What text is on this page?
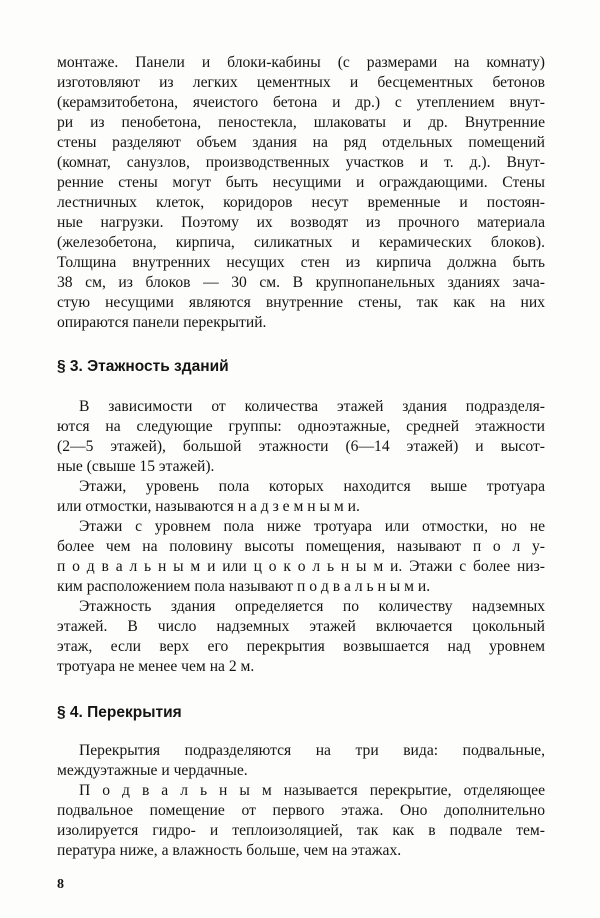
монтаже. Панели и блоки-кабины (с размерами на комнату)
изготовляют из легких цементных и бесцементных бетонов
(керамзитобетона, ячеистого бетона и др.) с утеплением внут-
ри из пенобетона, пеностекла, шлаковаты и др. Внутренние
стены разделяют объем здания на ряд отдельных помещений
(комнат, санузлов, производственных участков и т. д.). Внут-
ренние стены могут быть несущими и ограждающими. Стены
лестничных клеток, коридоров несут временные и постоян-
ные нагрузки. Поэтому их возводят из прочного материала
(железобетона, кирпича, силикатных и керамических блоков).
Толщина внутренних несущих стен из кирпича должна быть
38 см, из блоков — 30 см. В крупнопанельных зданиях зача-
стую несущими являются внутренние стены, так как на них
опираются панели перекрытий.
§ 3. Этажность зданий
В зависимости от количества этажей здания подразделя-
ются на следующие группы: одноэтажные, средней этажности
(2—5 этажей), большой этажности (6—14 этажей) и высот-
ные (свыше 15 этажей).
Этажи, уровень пола которых находится выше тротуара
или отмостки, называются н а д з е м н ы м и.
Этажи с уровнем пола ниже тротуара или отмостки, но не
более чем на половину высоты помещения, называют п о л у-
п о д в а л ь н ы м и или ц о к о л ь н ы м и. Этажи с более низ-
ким расположением пола называют п о д в а л ь н ы м и.
Этажность здания определяется по количеству надземных
этажей. В число надземных этажей включается цокольный
этаж, если верх его перекрытия возвышается над уровнем
тротуара не менее чем на 2 м.
§ 4. Перекрытия
Перекрытия подразделяются на три вида: подвальные,
междуэтажные и чердачные.
П о д в а л ь н ы м называется перекрытие, отделяющее
подвальное помещение от первого этажа. Оно дополнительно
изолируется гидро- и теплоизоляцией, так как в подвале тем-
пература ниже, а влажность больше, чем на этажах.
М е ж д у э т а ж н ы м называют перекрытие, отделяющее
этаж от этажа. Звуко- и теплоизоляция междуэтажных пере-
крытий обеспечивается путем засыпки их аглопоритом, ке-
рамзитом, шлаком или прокаленным песком.
Ч е р д а ч н ы м называют перекрытие, которое отделяет
верхний этаж от чердака. От междуэтажного оно отличается
8
